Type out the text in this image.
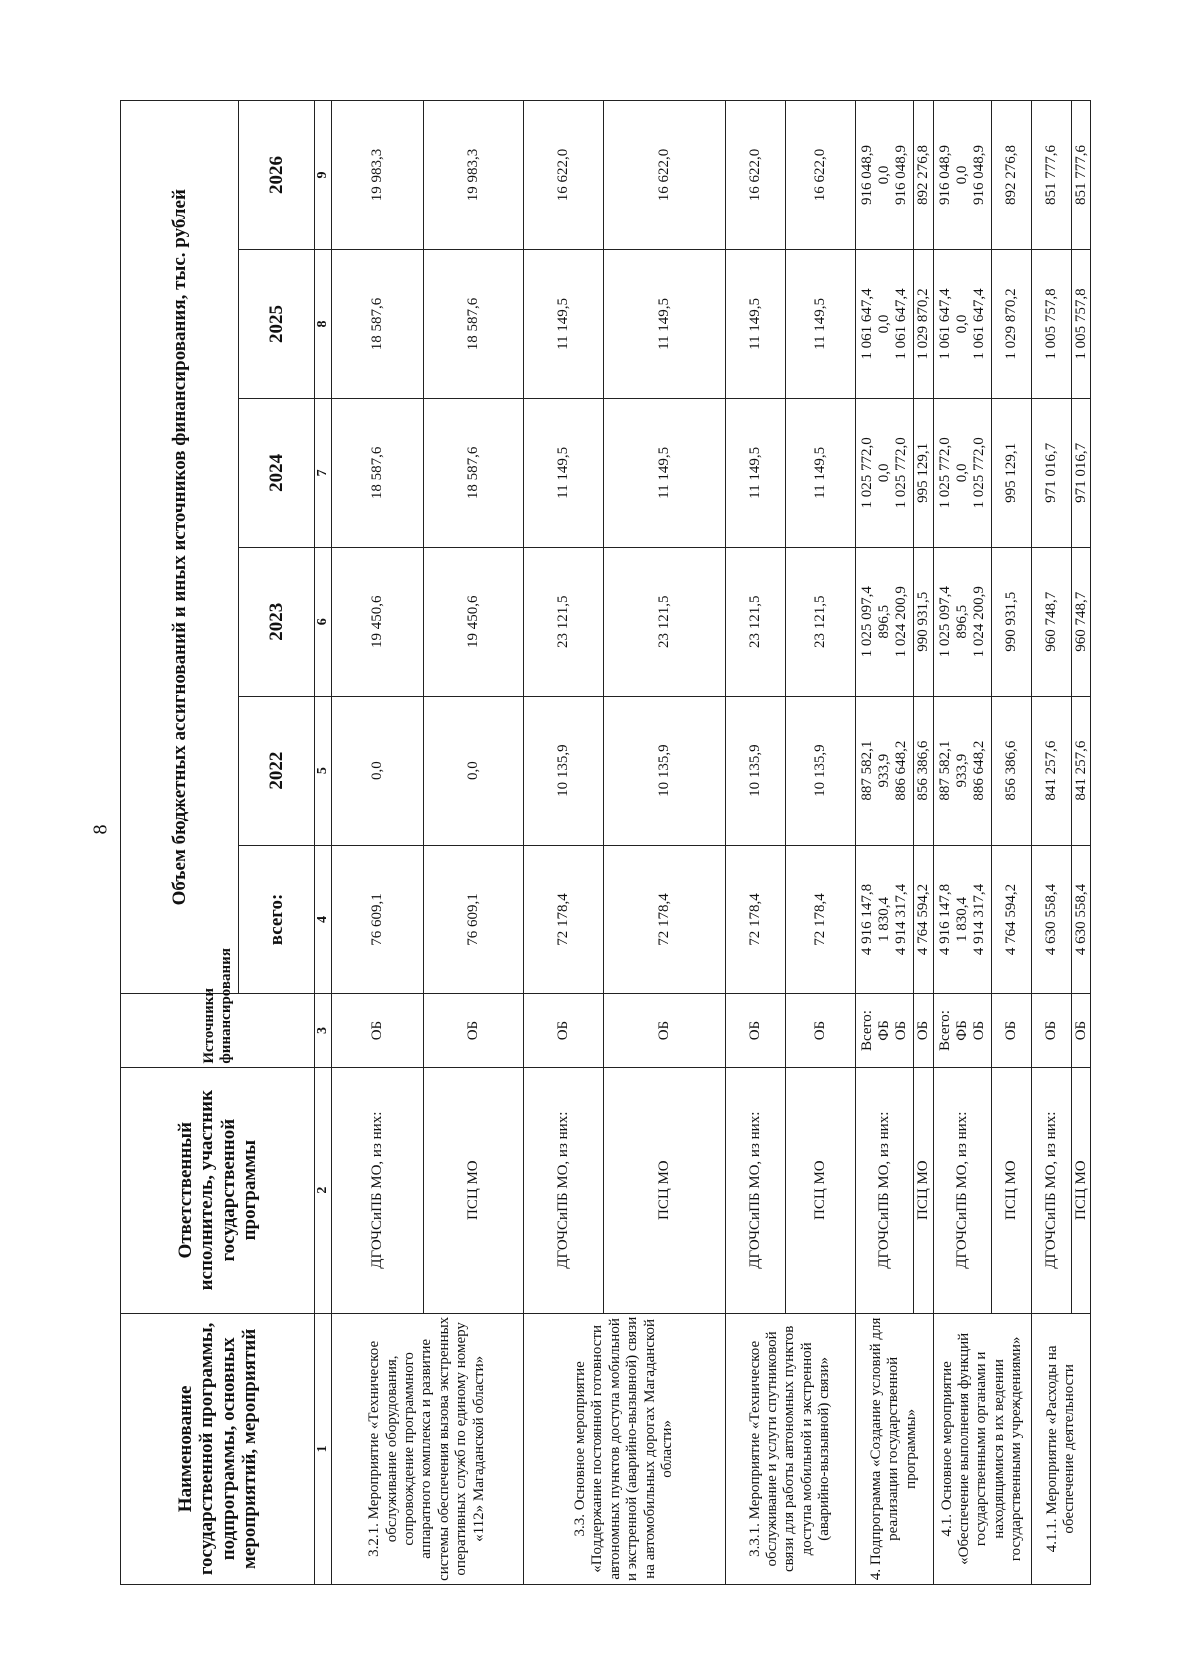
8
Наименование государственной программы, подпрограммы, основных мероприятий, мероприятий	Ответственный исполнитель, участник государственной программы	Источники финансирования	Объем бюджетных ассигнований и иных источников финансирования, тыс. рублей					
			всего:	2022	2023	2024	2025	2026
1	2	3	4	5	6	7	8	9
3.2.1. Мероприятие «Техническое обслуживание оборудования, сопровождение программного аппаратного комплекса и развитие системы обеспечения вызова экстренных оперативных служб по единому номеру «112» Магаданской области»	ДГОЧСиПБ МО, из них:	ОБ	76 609,1	0,0	19 450,6	18 587,6	18 587,6	19 983,3
	ПСЦ МО	ОБ	76 609,1	0,0	19 450,6	18 587,6	18 587,6	19 983,3
3.3. Основное мероприятие «Поддержание постоянной готовности автономных пунктов доступа мобильной и экстренной (аварийно-вызывной) связи на автомобильных дорогах Магаданской области»	ДГОЧСиПБ МО, из них:	ОБ	72 178,4	10 135,9	23 121,5	11 149,5	11 149,5	16 622,0
	ПСЦ МО	ОБ	72 178,4	10 135,9	23 121,5	11 149,5	11 149,5	16 622,0
3.3.1. Мероприятие «Техническое обслуживание и услуги спутниковой связи для работы автономных пунктов доступа мобильной и экстренной (аварийно-вызывной) связи»	ДГОЧСиПБ МО, из них:	ОБ	72 178,4	10 135,9	23 121,5	11 149,5	11 149,5	16 622,0
	ПСЦ МО	ОБ	72 178,4	10 135,9	23 121,5	11 149,5	11 149,5	16 622,0
4. Подпрограмма «Создание условий для реализации государственной программы»	ДГОЧСиПБ МО, из них:	Всего: ФБ ОБ	4 916 147,8 1 830,4 4 914 317,4	887 582,1 933,9 886 648,2	1 025 097,4 896,5 1 024 200,9	1 025 772,0 0,0 1 025 772,0	1 061 647,4 0,0 1 061 647,4	916 048,9 0,0 916 048,9

	ПСЦ МО	ОБ	4 764 594,2	856 386,6	990 931,5	995 129,1	1 029 870,2	892 276,8
4.1. Основное мероприятие «Обеспечение выполнения функций государственными органами и находящимися в их ведении государственными учреждениями»	ДГОЧСиПБ МО, из них:	Всего: ФБ ОБ	4 916 147,8 1 830,4 4 914 317,4	887 582,1 933,9 886 648,2	1 025 097,4 896,5 1 024 200,9	1 025 772,0 0,0 1 025 772,0	1 061 647,4 0,0 1 061 647,4	916 048,9 0,0 916 048,9

	ПСЦ МО	ОБ	4 764 594,2	856 386,6	990 931,5	995 129,1	1 029 870,2	892 276,8
4.1.1. Мероприятие «Расходы на обеспечение деятельности	ДГОЧСиПБ МО, из них:	ОБ	4 630 558,4	841 257,6	960 748,7	971 016,7	1 005 757,8	851 777,6
	ПСЦ МО	ОБ	4 630 558,4	841 257,6	960 748,7	971 016,7	1 005 757,8	851 777,6
